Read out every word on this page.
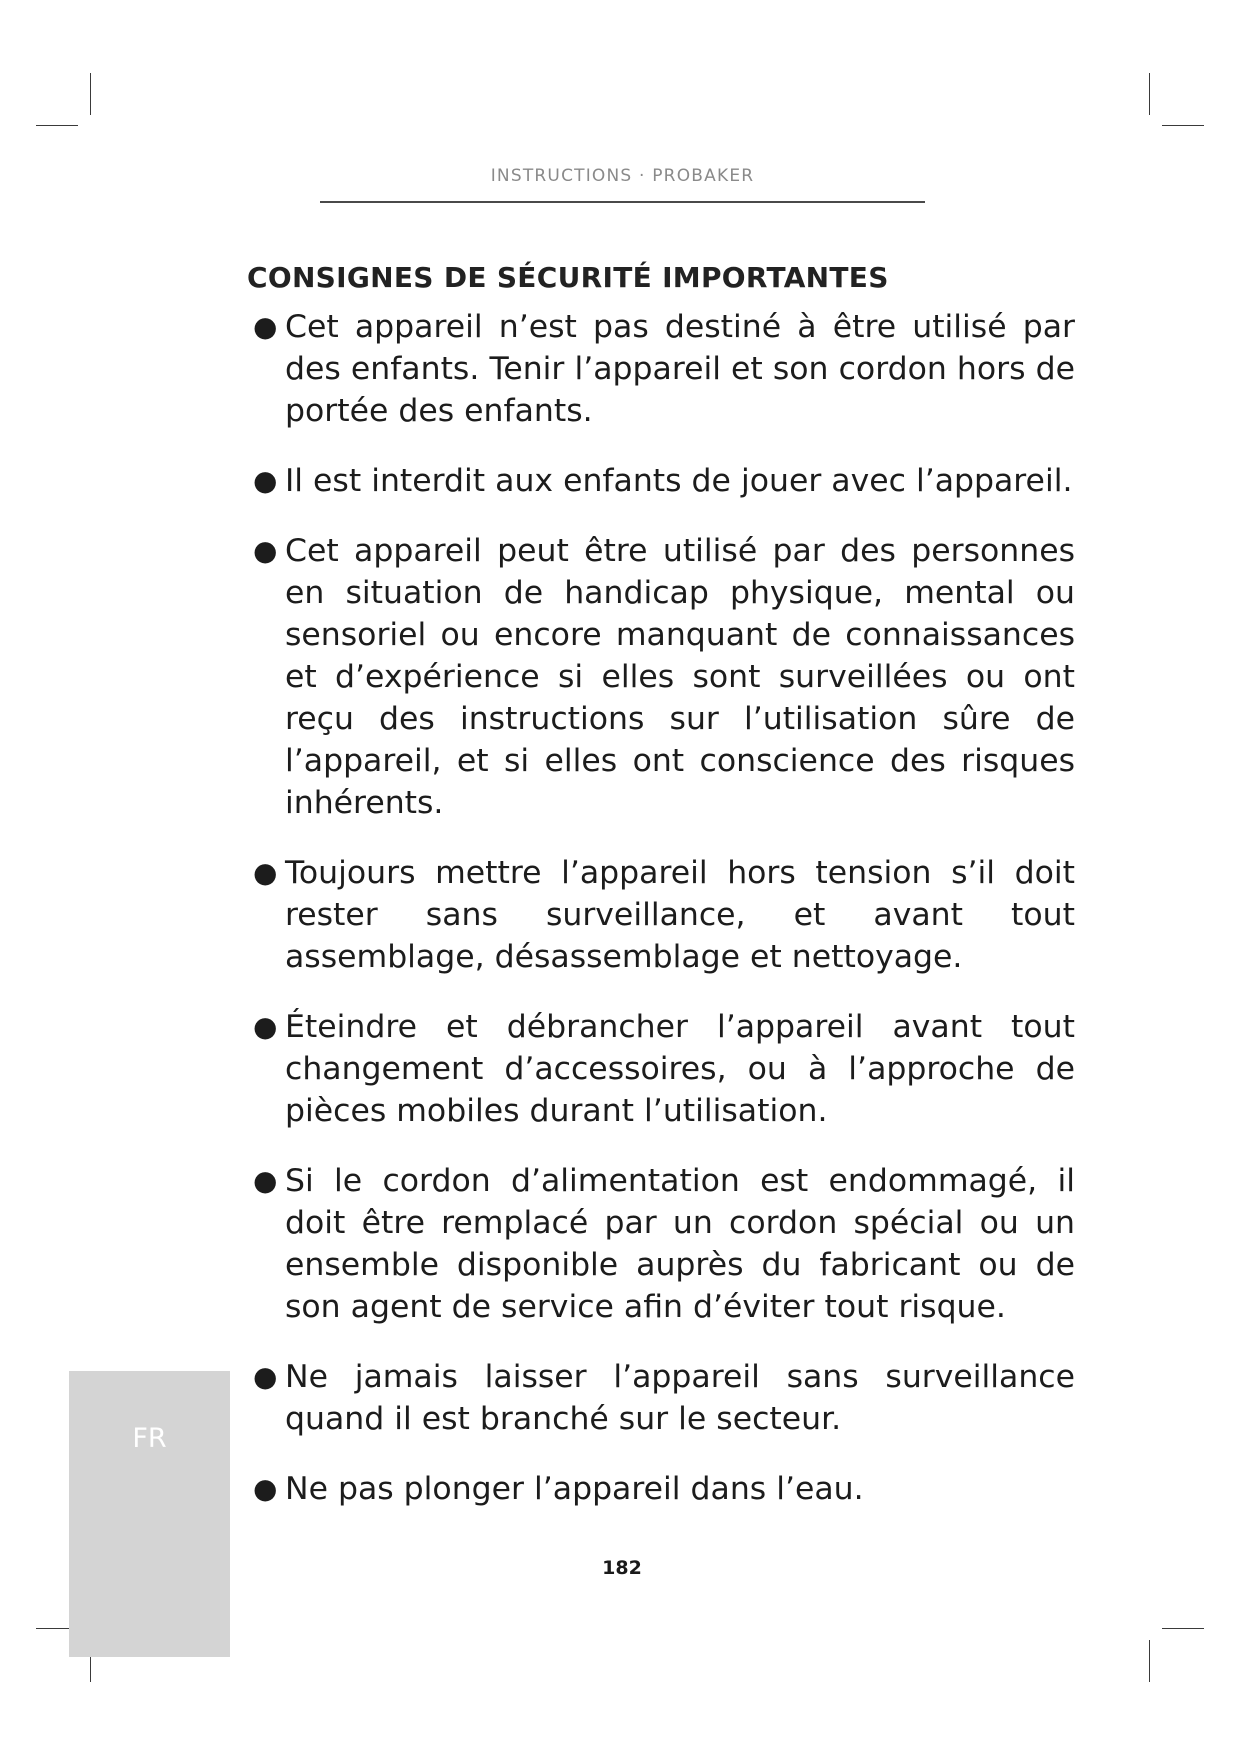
INSTRUCTIONS · PROBAKER
CONSIGNES DE SÉCURITÉ IMPORTANTES
● Cet appareil n’est pas destiné à être utilisé par des enfants. Tenir l’appareil et son cordon hors de portée des enfants.
● Il est interdit aux enfants de jouer avec l’appareil.
● Cet appareil peut être utilisé par des personnes en situation de handicap physique, mental ou sensoriel ou encore manquant de connaissances et d’expérience si elles sont surveillées ou ont reçu des instructions sur l’utilisation sûre de l’appareil, et si elles ont conscience des risques inhérents.
● Toujours mettre l’appareil hors tension s’il doit rester sans surveillance, et avant tout assemblage, désassemblage et nettoyage.
● Éteindre et débrancher l’appareil avant tout changement d’accessoires, ou à l’approche de pièces mobiles durant l’utilisation.
● Si le cordon d’alimentation est endommagé, il doit être remplacé par un cordon spécial ou un ensemble disponible auprès du fabricant ou de son agent de service afin d’éviter tout risque.
● Ne jamais laisser l’appareil sans surveillance quand il est branché sur le secteur.
● Ne pas plonger l’appareil dans l’eau.
FR
182
